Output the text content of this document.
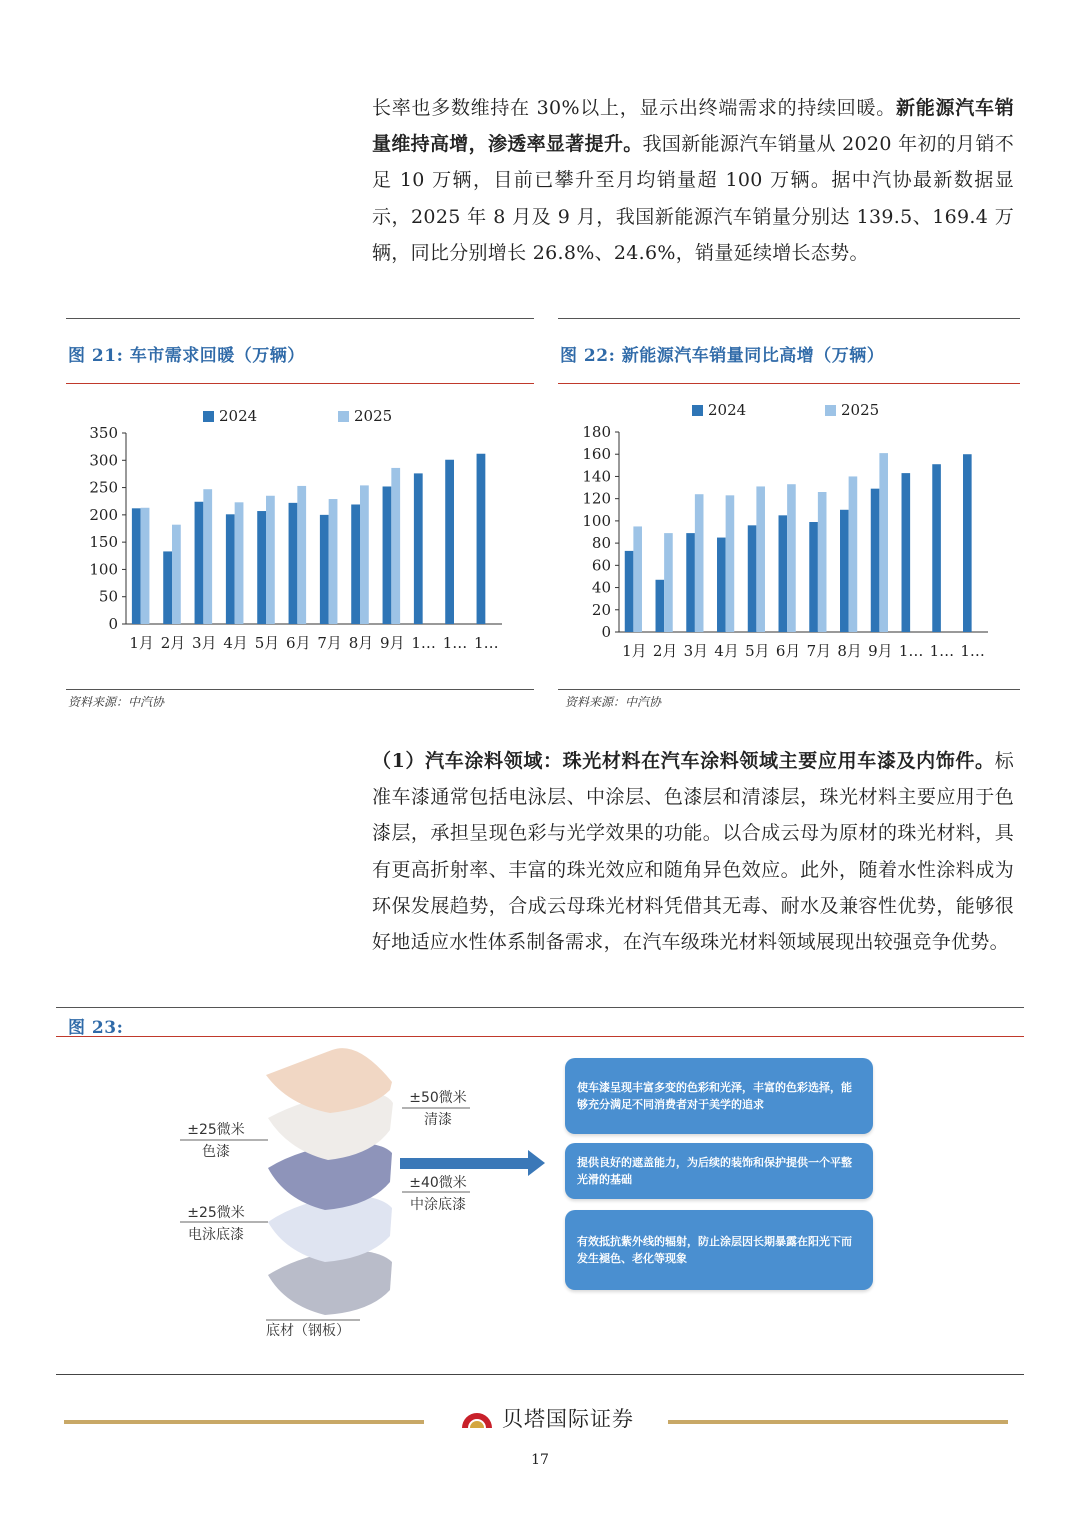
长率也多数维持在 30%以上，显示出终端需求的持续回暖。新能源汽车销量维持高增，渗透率显著提升。我国新能源汽车销量从 2020 年初的月销不足 10 万辆，目前已攀升至月均销量超 100 万辆。据中汽协最新数据显示，2025 年 8 月及 9 月，我国新能源汽车销量分别达 139.5、169.4 万辆，同比分别增长 26.8%、24.6%，销量延续增长态势。
图 21: 车市需求回暖（万辆）	图 22: 新能源汽车销量同比高增（万辆）
0
50
100
150
200
250
300
350
1月 2月 3月 4月 5月 6月 7月 8月 9月 1… 1… 1…
2024	2025
0
20
40
60
80
100
120
140
160
180
1月 2月 3月 4月 5月 6月 7月 8月 9月 1… 1… 1…
2024	2025
资料来源：中汽协	资料来源：中汽协
（1）汽车涂料领域：珠光材料在汽车涂料领域主要应用车漆及内饰件。标准车漆通常包括电泳层、中涂层、色漆层和清漆层，珠光材料主要应用于色漆层，承担呈现色彩与光学效果的功能。以合成云母为原材的珠光材料，具有更高折射率、丰富的珠光效应和随角异色效应。此外，随着水性涂料成为环保发展趋势，合成云母珠光材料凭借其无毒、耐水及兼容性优势，能够很好地适应水性体系制备需求，在汽车级珠光材料领域展现出较强竞争优势。
图 23:
±50微米
清漆
±25微米
色漆
±40微米
中涂底漆
±25微米
电泳底漆
底材（钢板）
使车漆呈现丰富多变的色彩和光泽，丰富的色彩选择，能够充分满足不同消费者对于美学的追求
提供良好的遮盖能力，为后续的装饰和保护提供一个平整光滑的基础
有效抵抗紫外线的辐射，防止涂层因长期暴露在阳光下而发生褪色、老化等现象
贝塔国际证券
17
